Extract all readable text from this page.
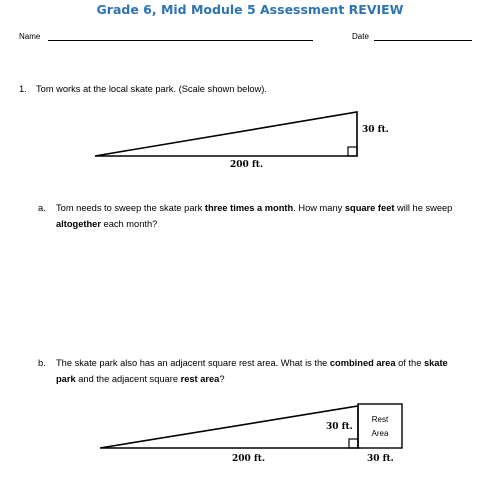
Grade 6, Mid Module 5 Assessment REVIEW
Name	Date
1. Tom works at the local skate park. (Scale shown below).
30 ft.
200 ft.
a. Tom needs to sweep the skate park three times a month. How many square feet will he sweep altogether each month?
b. The skate park also has an adjacent square rest area. What is the combined area of the skate park and the adjacent square rest area?
30 ft.
200 ft.	30 ft.
Rest
Area
